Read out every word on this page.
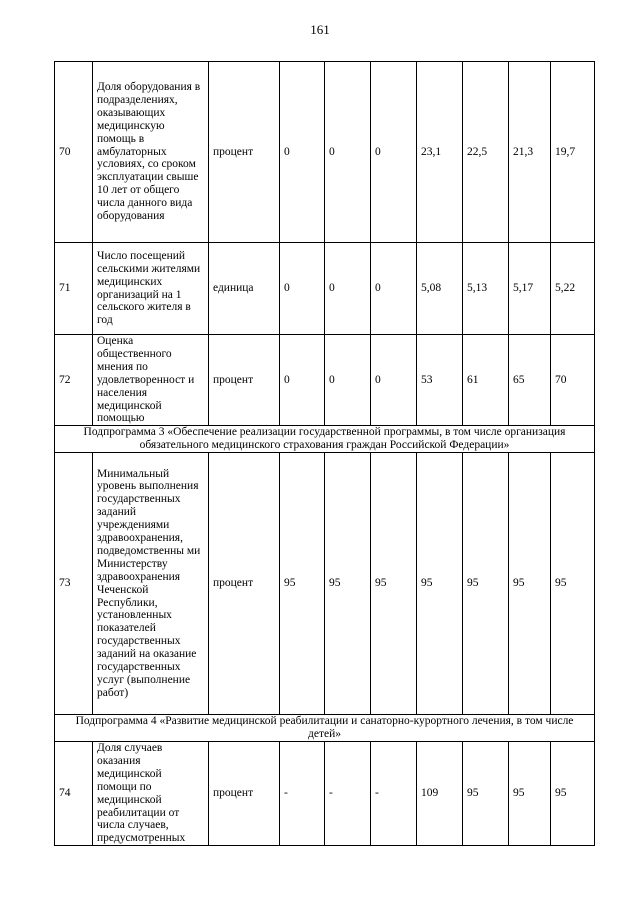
161
70	Доля оборудования в подразделениях, оказывающих медицинскую помощь в амбулаторных условиях, со сроком эксплуатации свыше 10 лет от общего числа данного вида оборудования	процент	0	0	0	23,1	22,5	21,3	19,7
71	Число посещений сельскими жителями медицинских организаций на 1 сельского жителя в год	единица	0	0	0	5,08	5,13	5,17	5,22
72	Оценка общественного мнения по удовлетворенност и населения медицинской помощью	процент	0	0	0	53	61	65	70
Подпрограмма 3 «Обеспечение реализации государственной программы, в том числе организация обязательного медицинского страхования граждан Российской Федерации»									
73	Минимальный уровень выполнения государственных заданий учреждениями здравоохранения, подведомственны ми Министерству здравоохранения Чеченской Республики, установленных показателей государственных заданий на оказание государственных услуг (выполнение работ)	процент	95	95	95	95	95	95	95
Подпрограмма 4 «Развитие медицинской реабилитации и санаторно-курортного лечения, в том числе детей»									
74	Доля случаев оказания медицинской помощи по медицинской реабилитации от числа случаев, предусмотренных	процент	-	-	-	109	95	95	95
